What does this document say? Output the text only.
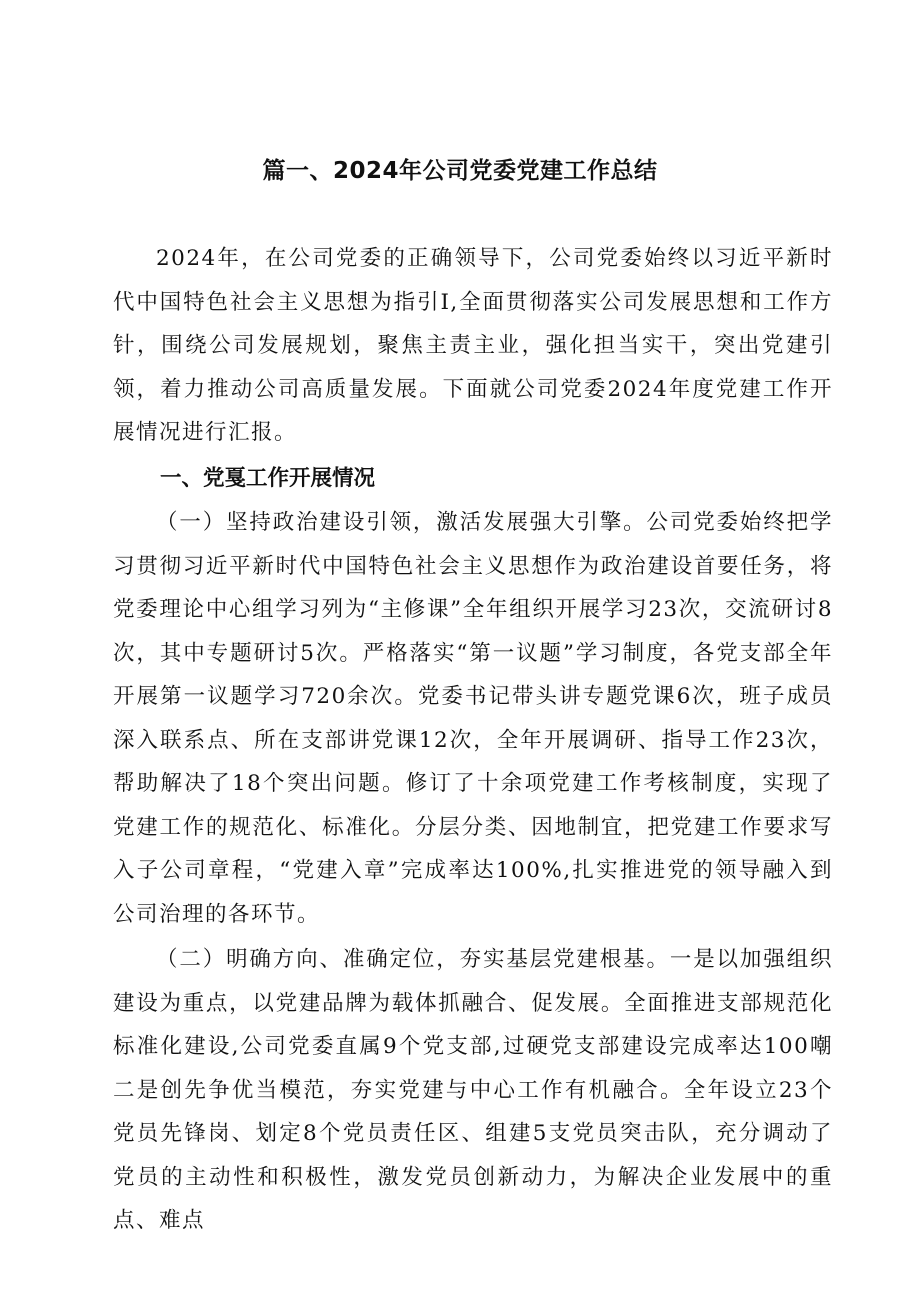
篇一、2024年公司党委党建工作总结

2024年，在公司党委的正确领导下，公司党委始终以习近平新时代中国特色社会主义思想为指引I,全面贯彻落实公司发展思想和工作方针，围绕公司发展规划，聚焦主责主业，强化担当实干，突出党建引领，着力推动公司高质量发展。下面就公司党委2024年度党建工作开展情况进行汇报。

一、党戛工作开展情况

（一）坚持政治建设引领，激活发展强大引擎。公司党委始终把学习贯彻习近平新时代中国特色社会主义思想作为政治建设首要任务，将党委理论中心组学习列为“主修课”全年组织开展学习23次，交流研讨8次，其中专题研讨5次。严格落实“第一议题”学习制度，各党支部全年开展第一议题学习720余次。党委书记带头讲专题党课6次，班子成员深入联系点、所在支部讲党课12次，全年开展调研、指导工作23次，帮助解决了18个突出问题。修订了十余项党建工作考核制度，实现了党建工作的规范化、标准化。分层分类、因地制宜，把党建工作要求写入子公司章程，“党建入章”完成率达100%,扎实推进党的领导融入到公司治理的各环节。

（二）明确方向、准确定位，夯实基层党建根基。一是以加强组织建设为重点，以党建品牌为载体抓融合、促发展。全面推进支部规范化标准化建设,公司党委直属9个党支部,过硬党支部建设完成率达100嘲二是创先争优当模范，夯实党建与中心工作有机融合。全年设立23个党员先锋岗、划定8个党员责任区、组建5支党员突击队，充分调动了党员的主动性和积极性，激发党员创新动力，为解决企业发展中的重点、难点
